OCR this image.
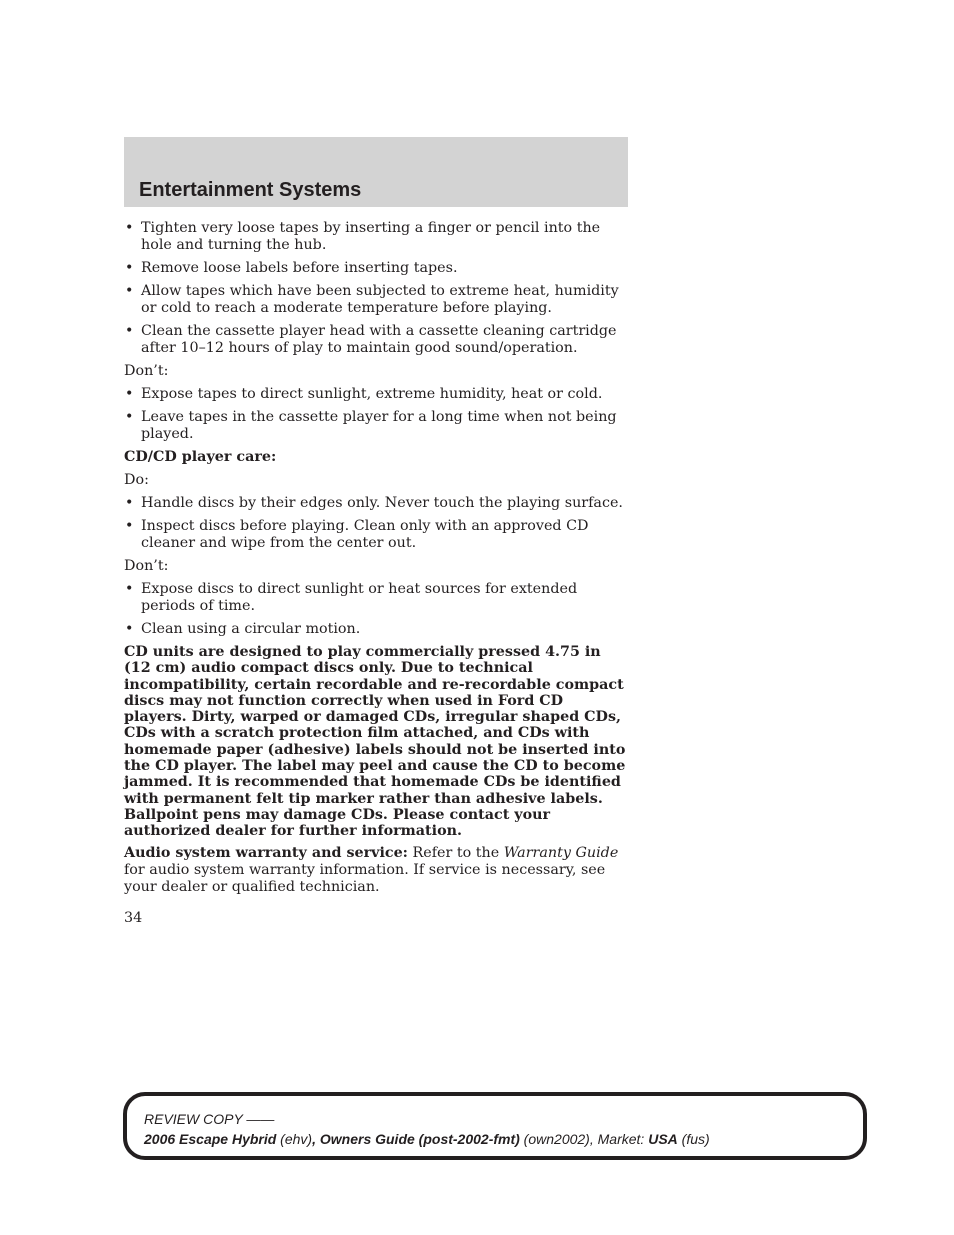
Entertainment Systems
• Tighten very loose tapes by inserting a finger or pencil into the hole and turning the hub.
• Remove loose labels before inserting tapes.
• Allow tapes which have been subjected to extreme heat, humidity or cold to reach a moderate temperature before playing.
• Clean the cassette player head with a cassette cleaning cartridge after 10–12 hours of play to maintain good sound/operation.

Don’t:

• Expose tapes to direct sunlight, extreme humidity, heat or cold.
• Leave tapes in the cassette player for a long time when not being played.

CD/CD player care:

Do:

• Handle discs by their edges only. Never touch the playing surface.
• Inspect discs before playing. Clean only with an approved CD cleaner and wipe from the center out.

Don’t:

• Expose discs to direct sunlight or heat sources for extended periods of time.
• Clean using a circular motion.

CD units are designed to play commercially pressed 4.75 in (12 cm) audio compact discs only. Due to technical incompatibility, certain recordable and re-recordable compact discs may not function correctly when used in Ford CD players. Dirty, warped or damaged CDs, irregular shaped CDs, CDs with a scratch protection film attached, and CDs with homemade paper (adhesive) labels should not be inserted into the CD player. The label may peel and cause the CD to become jammed. It is recommended that homemade CDs be identified with permanent felt tip marker rather than adhesive labels. Ballpoint pens may damage CDs. Please contact your authorized dealer for further information.

Audio system warranty and service: Refer to the Warranty Guide for audio system warranty information. If service is necessary, see your dealer or qualified technician.

34

REVIEW COPY ——
2006 Escape Hybrid (ehv), Owners Guide (post-2002-fmt) (own2002), Market: USA (fus)
